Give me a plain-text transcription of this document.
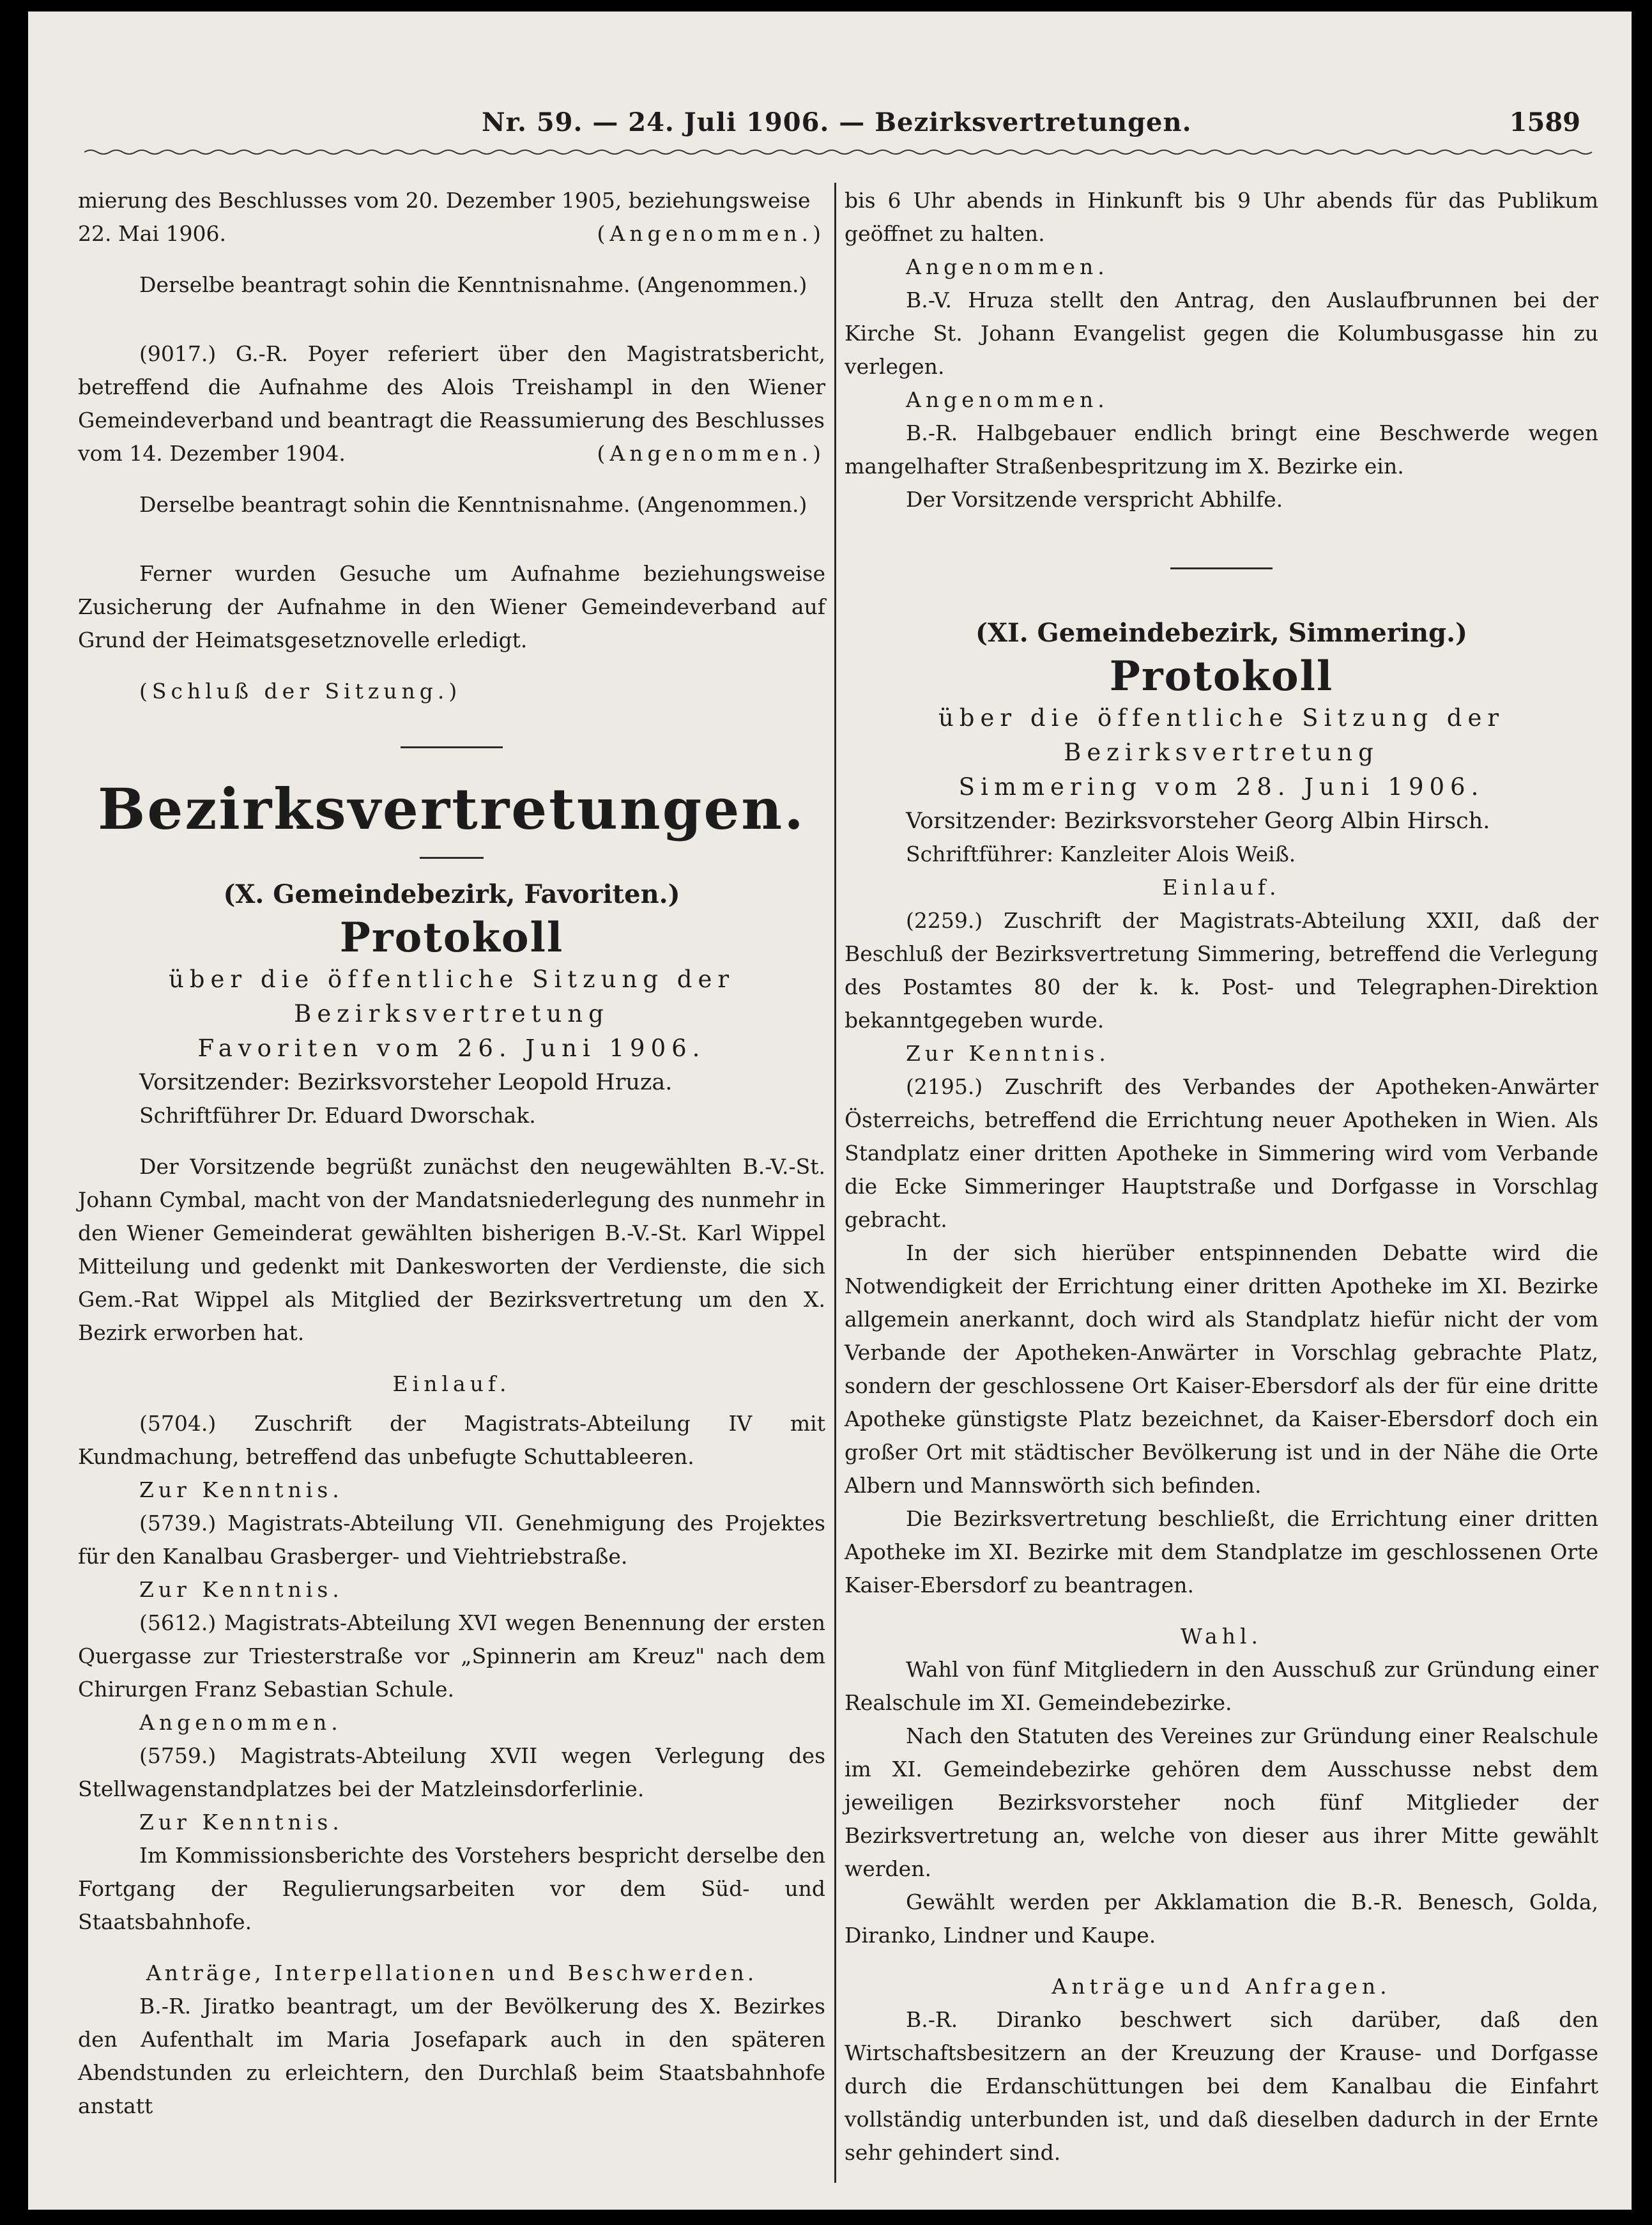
Nr. 59. — 24. Juli 1906. — Bezirksvertretungen.	1589

mierung des Beschlusses vom 20. Dezember 1905, beziehungsweise

22. Mai 1906.	(Angenommen.)

Derselbe beantragt sohin die Kenntnisnahme. (Angenommen.)

(9017.) G.-R. Poyer referiert über den Magistratsbericht, betreffend die Aufnahme des Alois Treishampl in den Wiener Gemeindeverband und beantragt die Reassumierung des Beschlusses

vom 14. Dezember 1904.	(Angenommen.)

Derselbe beantragt sohin die Kenntnisnahme. (Angenommen.)

Ferner wurden Gesuche um Aufnahme beziehungsweise Zusicherung der Aufnahme in den Wiener Gemeindeverband auf Grund der Heimatsgesetznovelle erledigt.

(Schluß der Sitzung.)

Bezirksvertretungen.
(X. Gemeindebezirk, Favoriten.)
Protokoll
über die öffentliche Sitzung der Bezirksvertretung
Favoriten vom 26. Juni 1906.

Vorsitzender: Bezirksvorsteher Leopold Hruza.

Schriftführer Dr. Eduard Dworschak.

Der Vorsitzende begrüßt zunächst den neugewählten B.-V.-St. Johann Cymbal, macht von der Mandatsniederlegung des nunmehr in den Wiener Gemeinderat gewählten bisherigen B.-V.-St. Karl Wippel Mitteilung und gedenkt mit Dankesworten der Verdienste, die sich Gem.-Rat Wippel als Mitglied der Bezirksvertretung um den X. Bezirk erworben hat.

Einlauf.

(5704.) Zuschrift der Magistrats-Abteilung IV mit Kundmachung, betreffend das unbefugte Schuttableeren.

Zur Kenntnis.

(5739.) Magistrats-Abteilung VII. Genehmigung des Projektes für den Kanalbau Grasberger- und Viehtriebstraße.

Zur Kenntnis.

(5612.) Magistrats-Abteilung XVI wegen Benennung der ersten Quergasse zur Triesterstraße vor „Spinnerin am Kreuz" nach dem Chirurgen Franz Sebastian Schule.

Angenommen.

(5759.) Magistrats-Abteilung XVII wegen Verlegung des Stellwagenstandplatzes bei der Matzleinsdorferlinie.

Zur Kenntnis.

Im Kommissionsberichte des Vorstehers bespricht derselbe den Fortgang der Regulierungsarbeiten vor dem Süd- und Staatsbahnhofe.

Anträge, Interpellationen und Beschwerden.

B.-R. Jiratko beantragt, um der Bevölkerung des X. Bezirkes den Aufenthalt im Maria Josefapark auch in den späteren Abendstunden zu erleichtern, den Durchlaß beim Staatsbahnhofe anstatt

bis 6 Uhr abends in Hinkunft bis 9 Uhr abends für das Publikum geöffnet zu halten.

Angenommen.

B.-V. Hruza stellt den Antrag, den Auslaufbrunnen bei der Kirche St. Johann Evangelist gegen die Kolumbusgasse hin zu verlegen.

Angenommen.

B.-R. Halbgebauer endlich bringt eine Beschwerde wegen mangelhafter Straßenbespritzung im X. Bezirke ein.

Der Vorsitzende verspricht Abhilfe.

(XI. Gemeindebezirk, Simmering.)
Protokoll
über die öffentliche Sitzung der Bezirksvertretung
Simmering vom 28. Juni 1906.

Vorsitzender: Bezirksvorsteher Georg Albin Hirsch.

Schriftführer: Kanzleiter Alois Weiß.

Einlauf.

(2259.) Zuschrift der Magistrats-Abteilung XXII, daß der Beschluß der Bezirksvertretung Simmering, betreffend die Verlegung des Postamtes 80 der k. k. Post- und Telegraphen-Direktion bekanntgegeben wurde.

Zur Kenntnis.

(2195.) Zuschrift des Verbandes der Apotheken-Anwärter Österreichs, betreffend die Errichtung neuer Apotheken in Wien. Als Standplatz einer dritten Apotheke in Simmering wird vom Verbande die Ecke Simmeringer Hauptstraße und Dorfgasse in Vorschlag gebracht.

In der sich hierüber entspinnenden Debatte wird die Notwendigkeit der Errichtung einer dritten Apotheke im XI. Bezirke allgemein anerkannt, doch wird als Standplatz hiefür nicht der vom Verbande der Apotheken-Anwärter in Vorschlag gebrachte Platz, sondern der geschlossene Ort Kaiser-Ebersdorf als der für eine dritte Apotheke günstigste Platz bezeichnet, da Kaiser-Ebersdorf doch ein großer Ort mit städtischer Bevölkerung ist und in der Nähe die Orte Albern und Mannswörth sich befinden.

Die Bezirksvertretung beschließt, die Errichtung einer dritten Apotheke im XI. Bezirke mit dem Standplatze im geschlossenen Orte Kaiser-Ebersdorf zu beantragen.

Wahl.

Wahl von fünf Mitgliedern in den Ausschuß zur Gründung einer Realschule im XI. Gemeindebezirke.

Nach den Statuten des Vereines zur Gründung einer Realschule im XI. Gemeindebezirke gehören dem Ausschusse nebst dem jeweiligen Bezirksvorsteher noch fünf Mitglieder der Bezirksvertretung an, welche von dieser aus ihrer Mitte gewählt werden.

Gewählt werden per Akklamation die B.-R. Benesch, Golda, Diranko, Lindner und Kaupe.

Anträge und Anfragen.

B.-R. Diranko beschwert sich darüber, daß den Wirtschaftsbesitzern an der Kreuzung der Krause- und Dorfgasse durch die Erdanschüttungen bei dem Kanalbau die Einfahrt vollständig unterbunden ist, und daß dieselben dadurch in der Ernte sehr gehindert sind.
